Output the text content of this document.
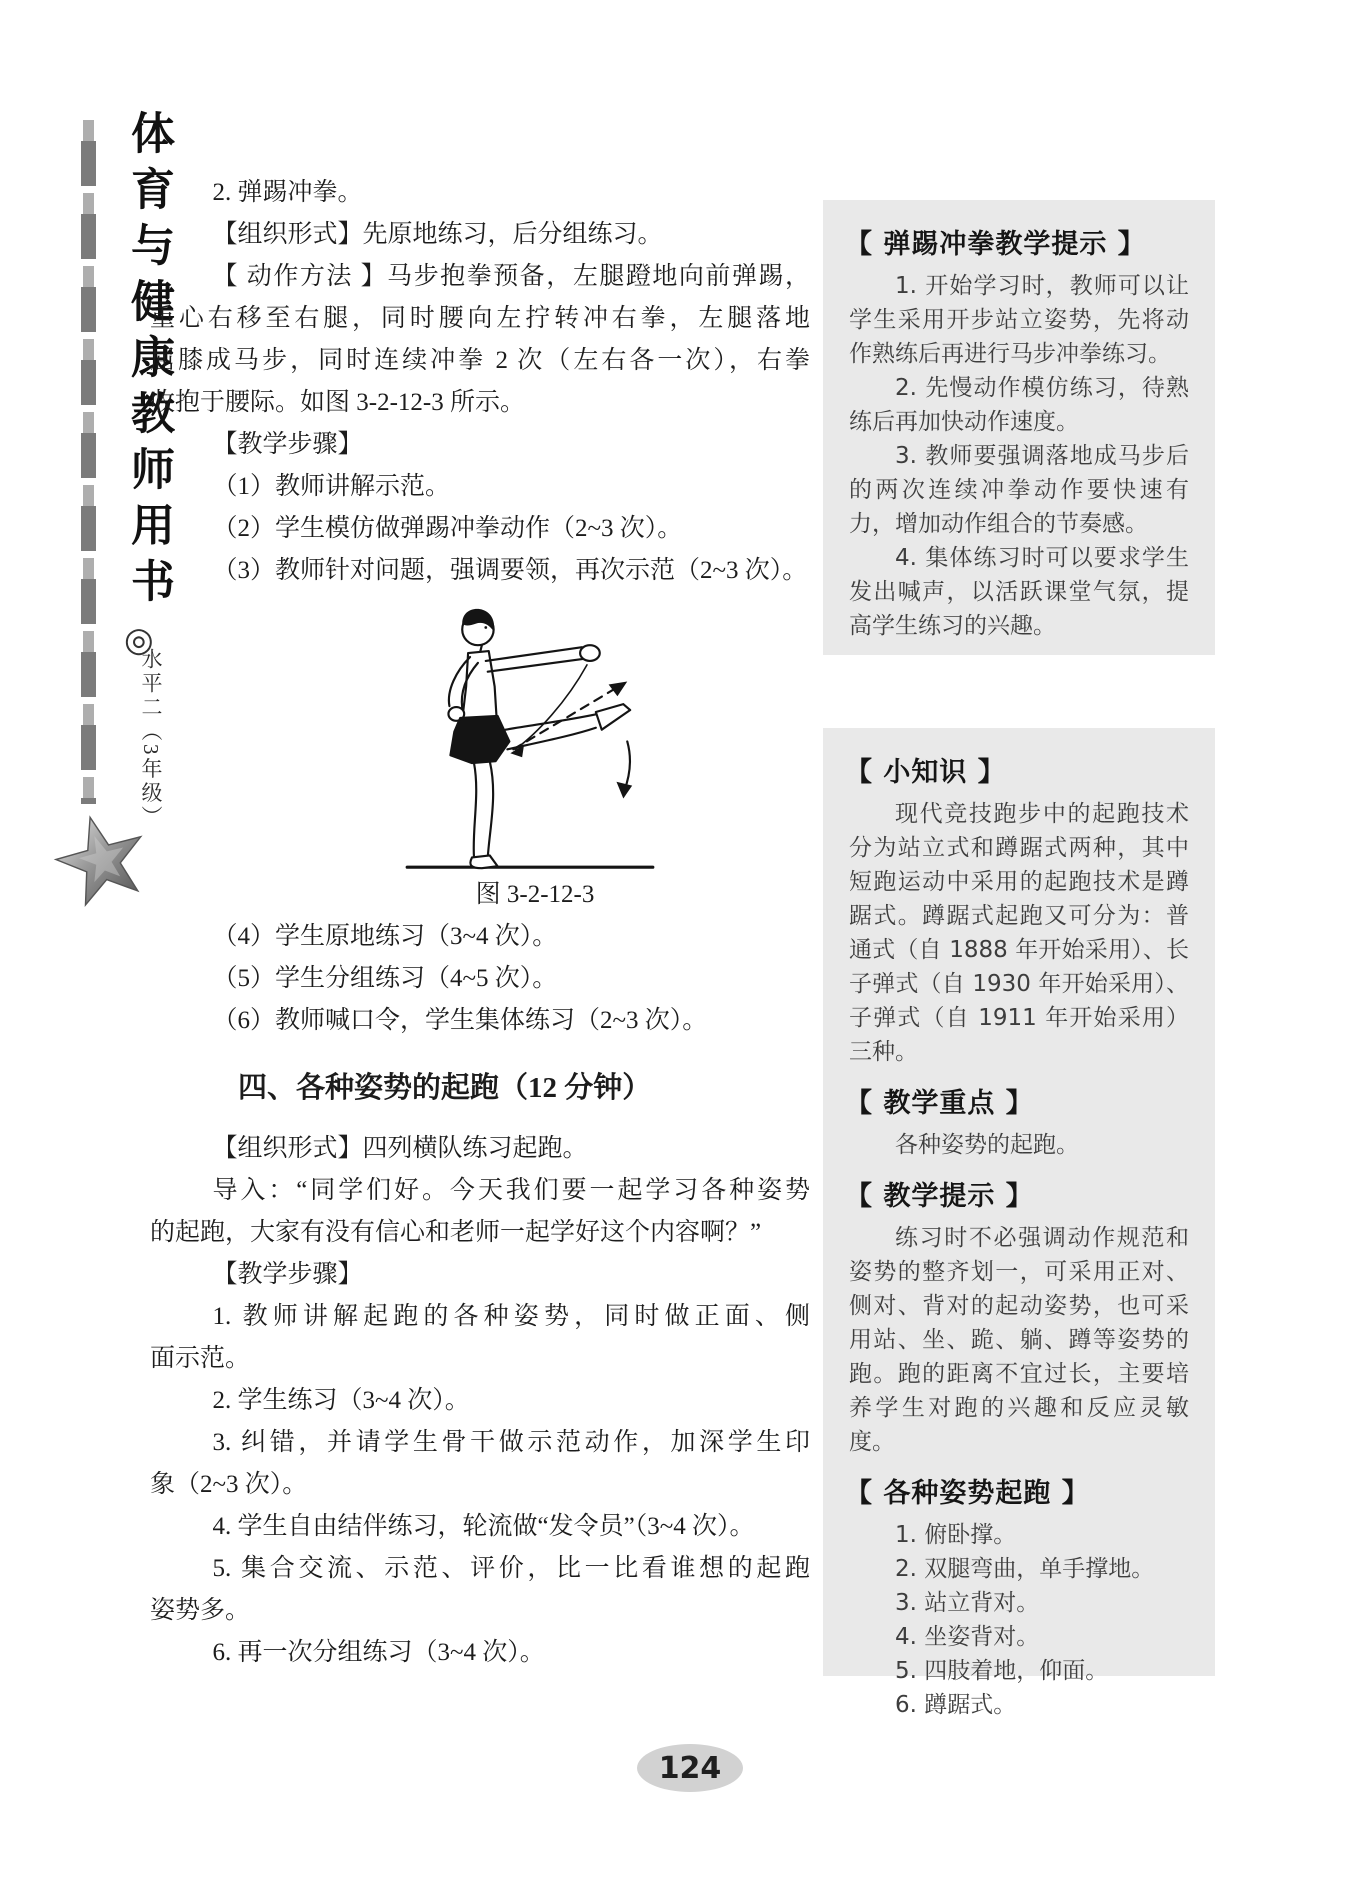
体育与健康教师用书
◎
水平二（3年级）

2. 弹踢冲拳。

【组织形式】先原地练习，后分组练习。

【 动作方法 】马步抱拳预备，左腿蹬地向前弹踢，

重心右移至右腿，同时腰向左拧转冲右拳，左腿落地

屈膝成马步，同时连续冲拳 2 次（左右各一次），右拳

收抱于腰际。如图 3-2-12-3 所示。

【教学步骤】

（1）教师讲解示范。

（2）学生模仿做弹踢冲拳动作（2~3 次）。

（3）教师针对问题，强调要领，再次示范（2~3 次）。

图 3-2-12-3

（4）学生原地练习（3~4 次）。

（5）学生分组练习（4~5 次）。

（6）教师喊口令，学生集体练习（2~3 次）。

四、各种姿势的起跑（12 分钟）

【组织形式】四列横队练习起跑。

导入：“同学们好。今天我们要一起学习各种姿势

的起跑，大家有没有信心和老师一起学好这个内容啊？”

【教学步骤】

1. 教师讲解起跑的各种姿势，同时做正面、侧

面示范。

2. 学生练习（3~4 次）。

3. 纠错，并请学生骨干做示范动作，加深学生印

象（2~3 次）。

4. 学生自由结伴练习，轮流做“发令员”（3~4 次）。

5. 集合交流、示范、评价，比一比看谁想的起跑

姿势多。

6. 再一次分组练习（3~4 次）。

【 弹踢冲拳教学提示 】

1. 开始学习时，教师可以让学生采用开步站立姿势，先将动作熟练后再进行马步冲拳练习。

2. 先慢动作模仿练习，待熟练后再加快动作速度。

3. 教师要强调落地成马步后的两次连续冲拳动作要快速有力，增加动作组合的节奏感。

4. 集体练习时可以要求学生发出喊声，以活跃课堂气氛，提高学生练习的兴趣。

【 小知识 】

现代竞技跑步中的起跑技术分为站立式和蹲踞式两种，其中短跑运动中采用的起跑技术是蹲踞式。蹲踞式起跑又可分为：普通式（自 1888 年开始采用）、长子弹式（自 1930 年开始采用）、子弹式（自 1911 年开始采用）三种。

【 教学重点 】

各种姿势的起跑。

【 教学提示 】

练习时不必强调动作规范和姿势的整齐划一，可采用正对、侧对、背对的起动姿势，也可采用站、坐、跪、躺、蹲等姿势的跑。跑的距离不宜过长，主要培养学生对跑的兴趣和反应灵敏度。

【 各种姿势起跑 】

1. 俯卧撑。

2. 双腿弯曲，单手撑地。

3. 站立背对。

4. 坐姿背对。

5. 四肢着地，仰面。

6. 蹲踞式。

124
